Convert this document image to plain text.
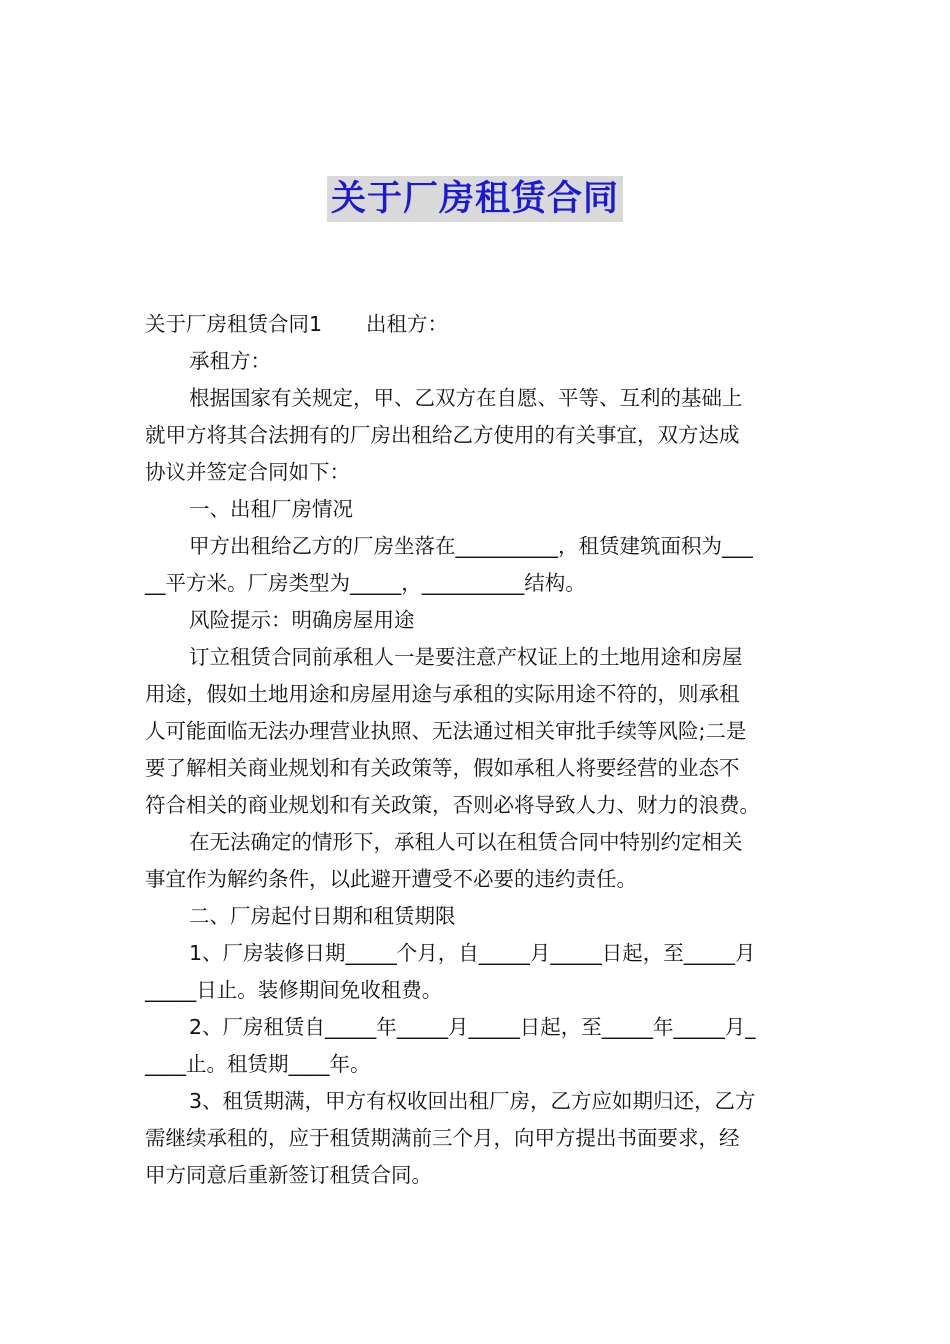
关于厂房租赁合同

关于厂房租赁合同1 出租方：

承租方：

根据国家有关规定，甲、乙双方在自愿、平等、互利的基础上
就甲方将其合法拥有的厂房出租给乙方使用的有关事宜，双方达成
协议并签定合同如下：

一、出租厂房情况

甲方出租给乙方的厂房坐落在__________，租赁建筑面积为___
__平方米。厂房类型为_____，__________结构。

风险提示：明确房屋用途

订立租赁合同前承租人一是要注意产权证上的土地用途和房屋
用途，假如土地用途和房屋用途与承租的实际用途不符的，则承租
人可能面临无法办理营业执照、无法通过相关审批手续等风险;二是
要了解相关商业规划和有关政策等，假如承租人将要经营的业态不
符合相关的商业规划和有关政策，否则必将导致人力、财力的浪费。
在无法确定的情形下，承租人可以在租赁合同中特别约定相关
事宜作为解约条件，以此避开遭受不必要的违约责任。

二、厂房起付日期和租赁期限

1、厂房装修日期_____个月，自_____月_____日起，至_____月
_____日止。装修期间免收租费。
2、厂房租赁自_____年_____月_____日起，至_____年_____月_
____止。租赁期____年。
3、租赁期满，甲方有权收回出租厂房，乙方应如期归还，乙方
需继续承租的，应于租赁期满前三个月，向甲方提出书面要求，经
甲方同意后重新签订租赁合同。
